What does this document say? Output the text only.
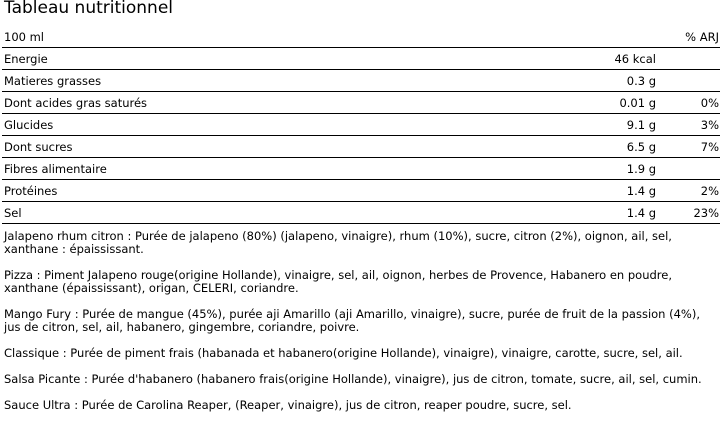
Tableau nutritionnel
100 ml		% ARJ
Energie	46 kcal	
Matieres grasses	0.3 g	
Dont acides gras saturés	0.01 g	0%
Glucides	9.1 g	3%
Dont sucres	6.5 g	7%
Fibres alimentaire	1.9 g	
Protéines	1.4 g	2%
Sel	1.4 g	23%

Jalapeno rhum citron : Purée de jalapeno (80%) (jalapeno, vinaigre), rhum (10%), sucre, citron (2%), oignon, ail, sel, xanthane : épaississant.

Pizza : Piment Jalapeno rouge(origine Hollande), vinaigre, sel, ail, oignon, herbes de Provence, Habanero en poudre, xanthane (épaississant), origan, CELERI, coriandre.

Mango Fury : Purée de mangue (45%), purée aji Amarillo (aji Amarillo, vinaigre), sucre, purée de fruit de la passion (4%), jus de citron, sel, ail, habanero, gingembre, coriandre, poivre.

Classique : Purée de piment frais (habanada et habanero(origine Hollande), vinaigre), vinaigre, carotte, sucre, sel, ail.

Salsa Picante : Purée d'habanero (habanero frais(origine Hollande), vinaigre), jus de citron, tomate, sucre, ail, sel, cumin.

Sauce Ultra : Purée de Carolina Reaper, (Reaper, vinaigre), jus de citron, reaper poudre, sucre, sel.
